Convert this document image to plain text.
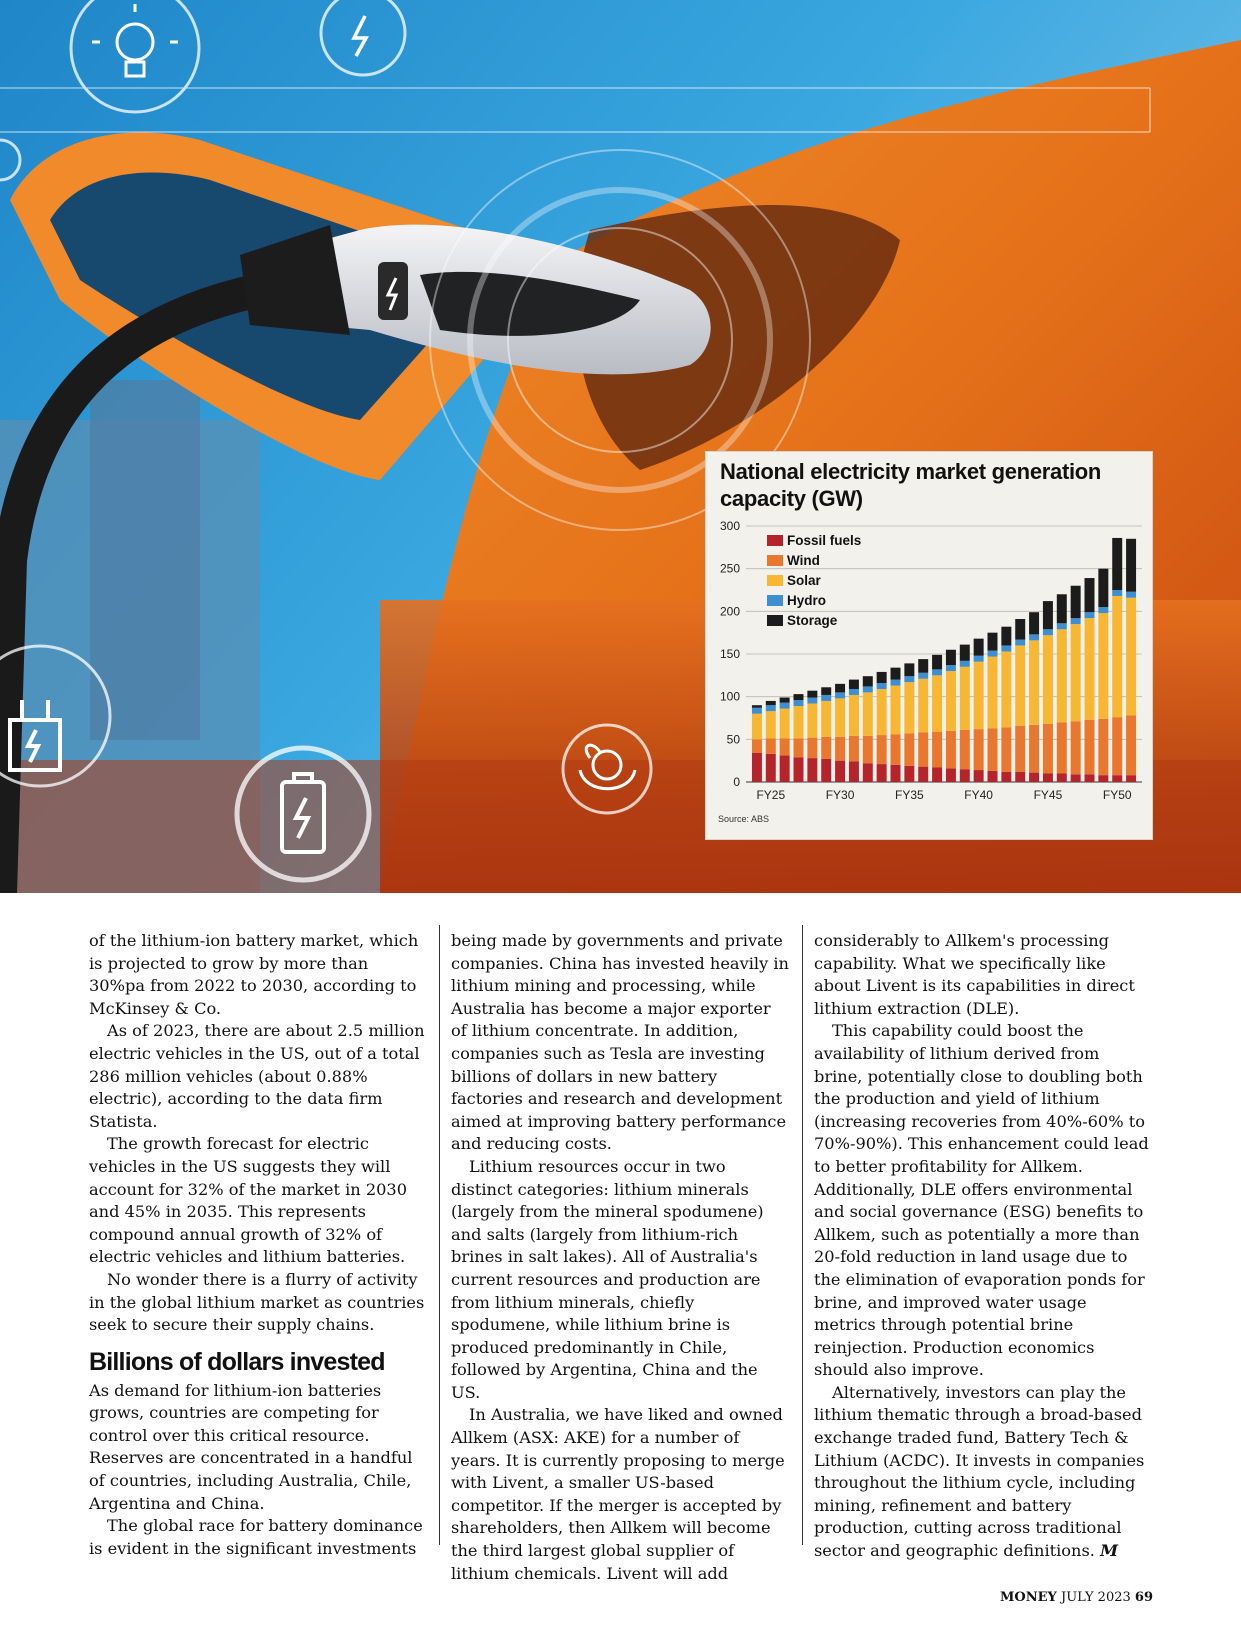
0
50
100
150
200
250
300
FY25	FY30	FY35	FY40	FY45	FY50
Fossil fuels
Wind
Solar
Hydro
Storage
Source: ABS
National electricity market generation capacity (GW)

of the lithium-ion battery market, which is projected to grow by more than 30%pa from 2022 to 2030, according to McKinsey & Co.

As of 2023, there are about 2.5 million electric vehicles in the US, out of a total 286 million vehicles (about 0.88% electric), according to the data firm Statista.

The growth forecast for electric vehicles in the US suggests they will account for 32% of the market in 2030 and 45% in 2035. This represents compound annual growth of 32% of electric vehicles and lithium batteries.

No wonder there is a flurry of activity in the global lithium market as countries seek to secure their supply chains.

Billions of dollars invested

As demand for lithium-ion batteries grows, countries are competing for control over this critical resource. Reserves are concentrated in a handful of countries, including Australia, Chile, Argentina and China.

The global race for battery dominance is evident in the significant investments

being made by governments and private companies. China has invested heavily in lithium mining and processing, while Australia has become a major exporter of lithium concentrate. In addition, companies such as Tesla are investing billions of dollars in new battery factories and research and development aimed at improving battery performance and reducing costs.

Lithium resources occur in two distinct categories: lithium minerals (largely from the mineral spodumene) and salts (largely from lithium-rich brines in salt lakes). All of Australia's current resources and production are from lithium minerals, chiefly spodumene, while lithium brine is produced predominantly in Chile, followed by Argentina, China and the US.

In Australia, we have liked and owned Allkem (ASX: AKE) for a number of years. It is currently proposing to merge with Livent, a smaller US-based competitor. If the merger is accepted by shareholders, then Allkem will become the third largest global supplier of lithium chemicals. Livent will add

considerably to Allkem's processing capability. What we specifically like about Livent is its capabilities in direct lithium extraction (DLE).

This capability could boost the availability of lithium derived from brine, potentially close to doubling both the production and yield of lithium (increasing recoveries from 40%-60% to 70%-90%). This enhancement could lead to better profitability for Allkem. Additionally, DLE offers environmental and social governance (ESG) benefits to Allkem, such as potentially a more than 20-fold reduction in land usage due to the elimination of evaporation ponds for brine, and improved water usage metrics through potential brine reinjection. Production economics should also improve.

Alternatively, investors can play the lithium thematic through a broad-based exchange traded fund, Battery Tech & Lithium (ACDC). It invests in companies throughout the lithium cycle, including mining, refinement and battery production, cutting across traditional sector and geographic definitions. M

MONEY JULY 2023 69
